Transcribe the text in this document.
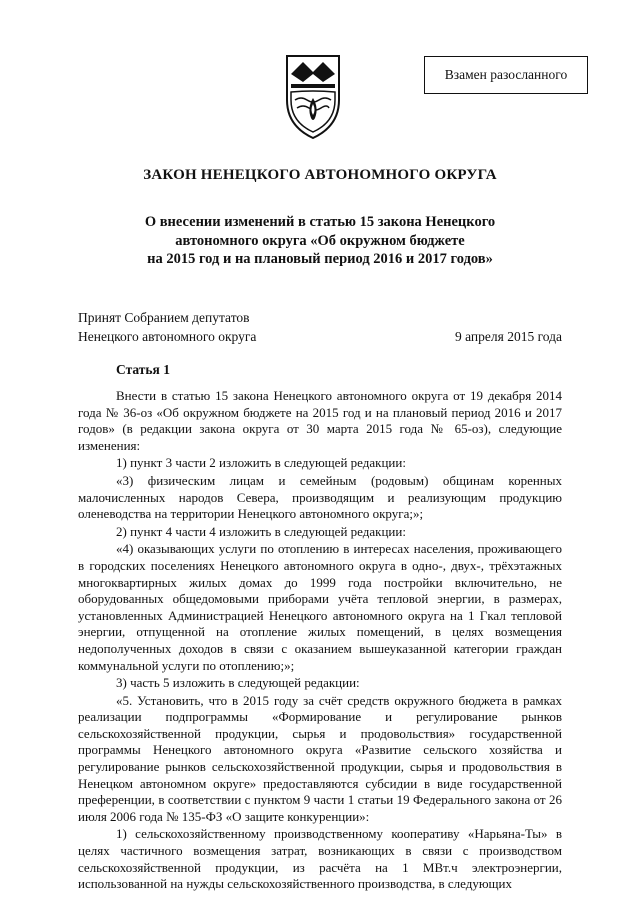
Взамен разосланного
ЗАКОН НЕНЕЦКОГО АВТОНОМНОГО ОКРУГА
О внесении изменений в статью 15 закона Ненецкого
автономного округа «Об окружном бюджете
на 2015 год и на плановый период 2016 и 2017 годов»
Принят Собранием депутатов
Ненецкого автономного округа	9 апреля 2015 года
Статья 1

Внести в статью 15 закона Ненецкого автономного округа от 19 декабря 2014 года № 36-оз «Об окружном бюджете на 2015 год и на плановый период 2016 и 2017 годов» (в редакции закона округа от 30 марта 2015 года № 65-оз), следующие изменения:

1) пункт 3 части 2 изложить в следующей редакции:

«3) физическим лицам и семейным (родовым) общинам коренных малочисленных народов Севера, производящим и реализующим продукцию оленеводства на территории Ненецкого автономного округа;»;

2) пункт 4 части 4 изложить в следующей редакции:

«4) оказывающих услуги по отоплению в интересах населения, проживающего в городских поселениях Ненецкого автономного округа в одно-, двух-, трёхэтажных многоквартирных жилых домах до 1999 года постройки включительно, не оборудованных общедомовыми приборами учёта тепловой энергии, в размерах, установленных Администрацией Ненецкого автономного округа на 1 Гкал тепловой энергии, отпущенной на отопление жилых помещений, в целях возмещения недополученных доходов в связи с оказанием вышеуказанной категории граждан коммунальной услуги по отоплению;»;

3) часть 5 изложить в следующей редакции:

«5. Установить, что в 2015 году за счёт средств окружного бюджета в рамках реализации подпрограммы «Формирование и регулирование рынков сельскохозяйственной продукции, сырья и продовольствия» государственной программы Ненецкого автономного округа «Развитие сельского хозяйства и регулирование рынков сельскохозяйственной продукции, сырья и продовольствия в Ненецком автономном округе» предоставляются субсидии в виде государственной преференции, в соответствии с пунктом 9 части 1 статьи 19 Федерального закона от 26 июля 2006 года № 135-ФЗ «О защите конкуренции»:

1) сельскохозяйственному производственному кооперативу «Нарьяна-Ты» в целях частичного возмещения затрат, возникающих в связи с производством сельскохозяйственной продукции, из расчёта на 1 МВт.ч электроэнергии, использованной на нужды сельскохозяйственного производства, в следующих
